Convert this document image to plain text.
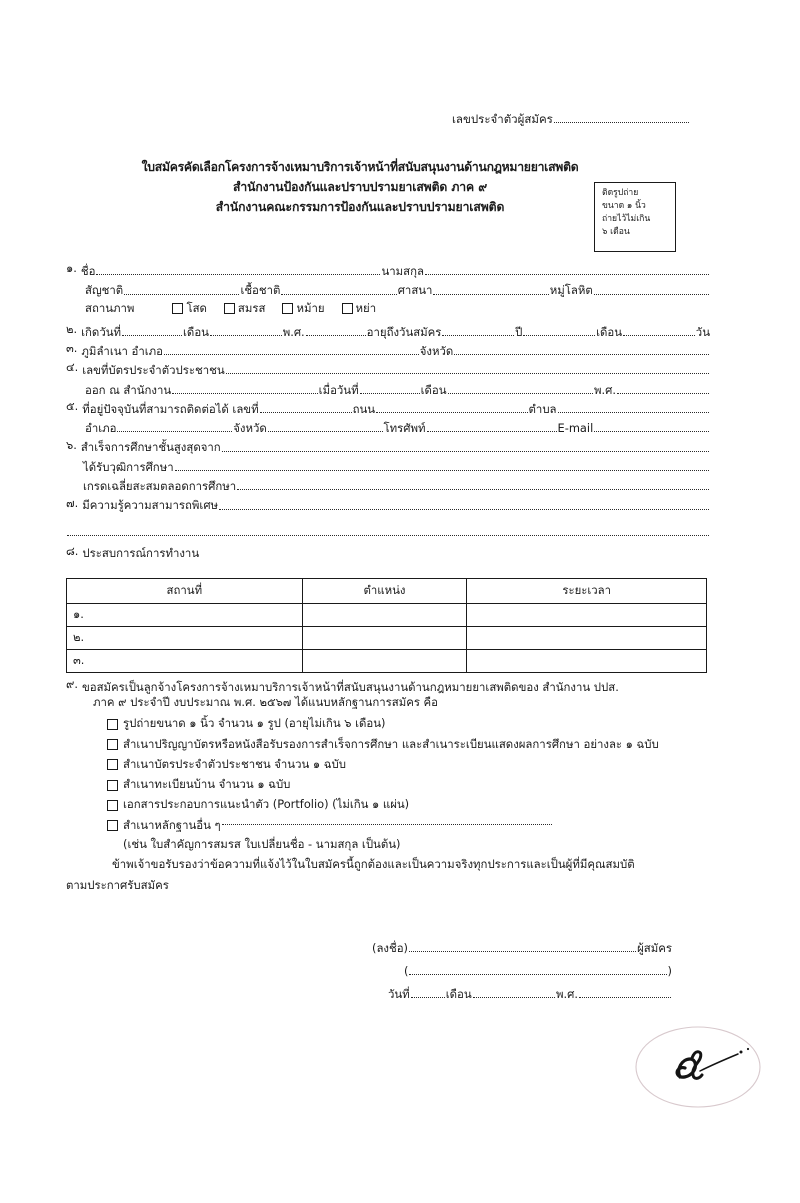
เลขประจำตัวผู้สมัคร
ใบสมัครคัดเลือกโครงการจ้างเหมาบริการเจ้าหน้าที่สนับสนุนงานด้านกฎหมายยาเสพติด
สำนักงานป้องกันและปราบปรามยาเสพติด ภาค ๙
สำนักงานคณะกรรมการป้องกันและปราบปรามยาเสพติด
ติดรูปถ่าย
ขนาด ๑ นิ้ว
ถ่ายไว้ไม่เกิน
๖ เดือน
๑. ชื่อ	นามสกุล
สัญชาติ	เชื้อชาติ	ศาสนา	หมู่โลหิต
สถานภาพ	โสด	สมรส	หม้าย	หย่า
๒. เกิดวันที่	เดือน	พ.ศ.	อายุถึงวันสมัคร	ปี	เดือน	วัน
๓. ภูมิลำเนา อำเภอ	จังหวัด
๔. เลขที่บัตรประจำตัวประชาชน
ออก ณ สำนักงาน	เมื่อวันที่	เดือน	พ.ศ.
๕. ที่อยู่ปัจจุบันที่สามารถติดต่อได้ เลขที่	ถนน	ตำบล
อำเภอ	จังหวัด	โทรศัพท์	E-mail
๖. สำเร็จการศึกษาชั้นสูงสุดจาก
ได้รับวุฒิการศึกษา
เกรดเฉลี่ยสะสมตลอดการศึกษา
๗. มีความรู้ความสามารถพิเศษ
๘. ประสบการณ์การทำงาน
สถานที่	ตำแหน่ง	ระยะเวลา
๑.		
๒.		
๓.		
๙. ขอสมัครเป็นลูกจ้างโครงการจ้างเหมาบริการเจ้าหน้าที่สนับสนุนงานด้านกฎหมายยาเสพติดของ สำนักงาน ปปส.
ภาค ๙ ประจำปี งบประมาณ พ.ศ. ๒๕๖๗ ได้แนบหลักฐานการสมัคร คือ
รูปถ่ายขนาด ๑ นิ้ว จำนวน ๑ รูป (อายุไม่เกิน ๖ เดือน)
สำเนาปริญญาบัตรหรือหนังสือรับรองการสำเร็จการศึกษา และสำเนาระเบียนแสดงผลการศึกษา อย่างละ ๑ ฉบับ
สำเนาบัตรประจำตัวประชาชน จำนวน ๑ ฉบับ
สำเนาทะเบียนบ้าน จำนวน ๑ ฉบับ
เอกสารประกอบการแนะนำตัว (Portfolio) (ไม่เกิน ๑ แผ่น)
สำเนาหลักฐานอื่น ๆ
(เช่น ใบสำคัญการสมรส ใบเปลี่ยนชื่อ - นามสกุล เป็นต้น)
ข้าพเจ้าขอรับรองว่าข้อความที่แจ้งไว้ในใบสมัครนี้ถูกต้องและเป็นความจริงทุกประการและเป็นผู้ที่มีคุณสมบัติ
ตามประกาศรับสมัคร
(ลงชื่อ)	ผู้สมัคร
(	)
วันที่	เดือน	พ.ศ.
